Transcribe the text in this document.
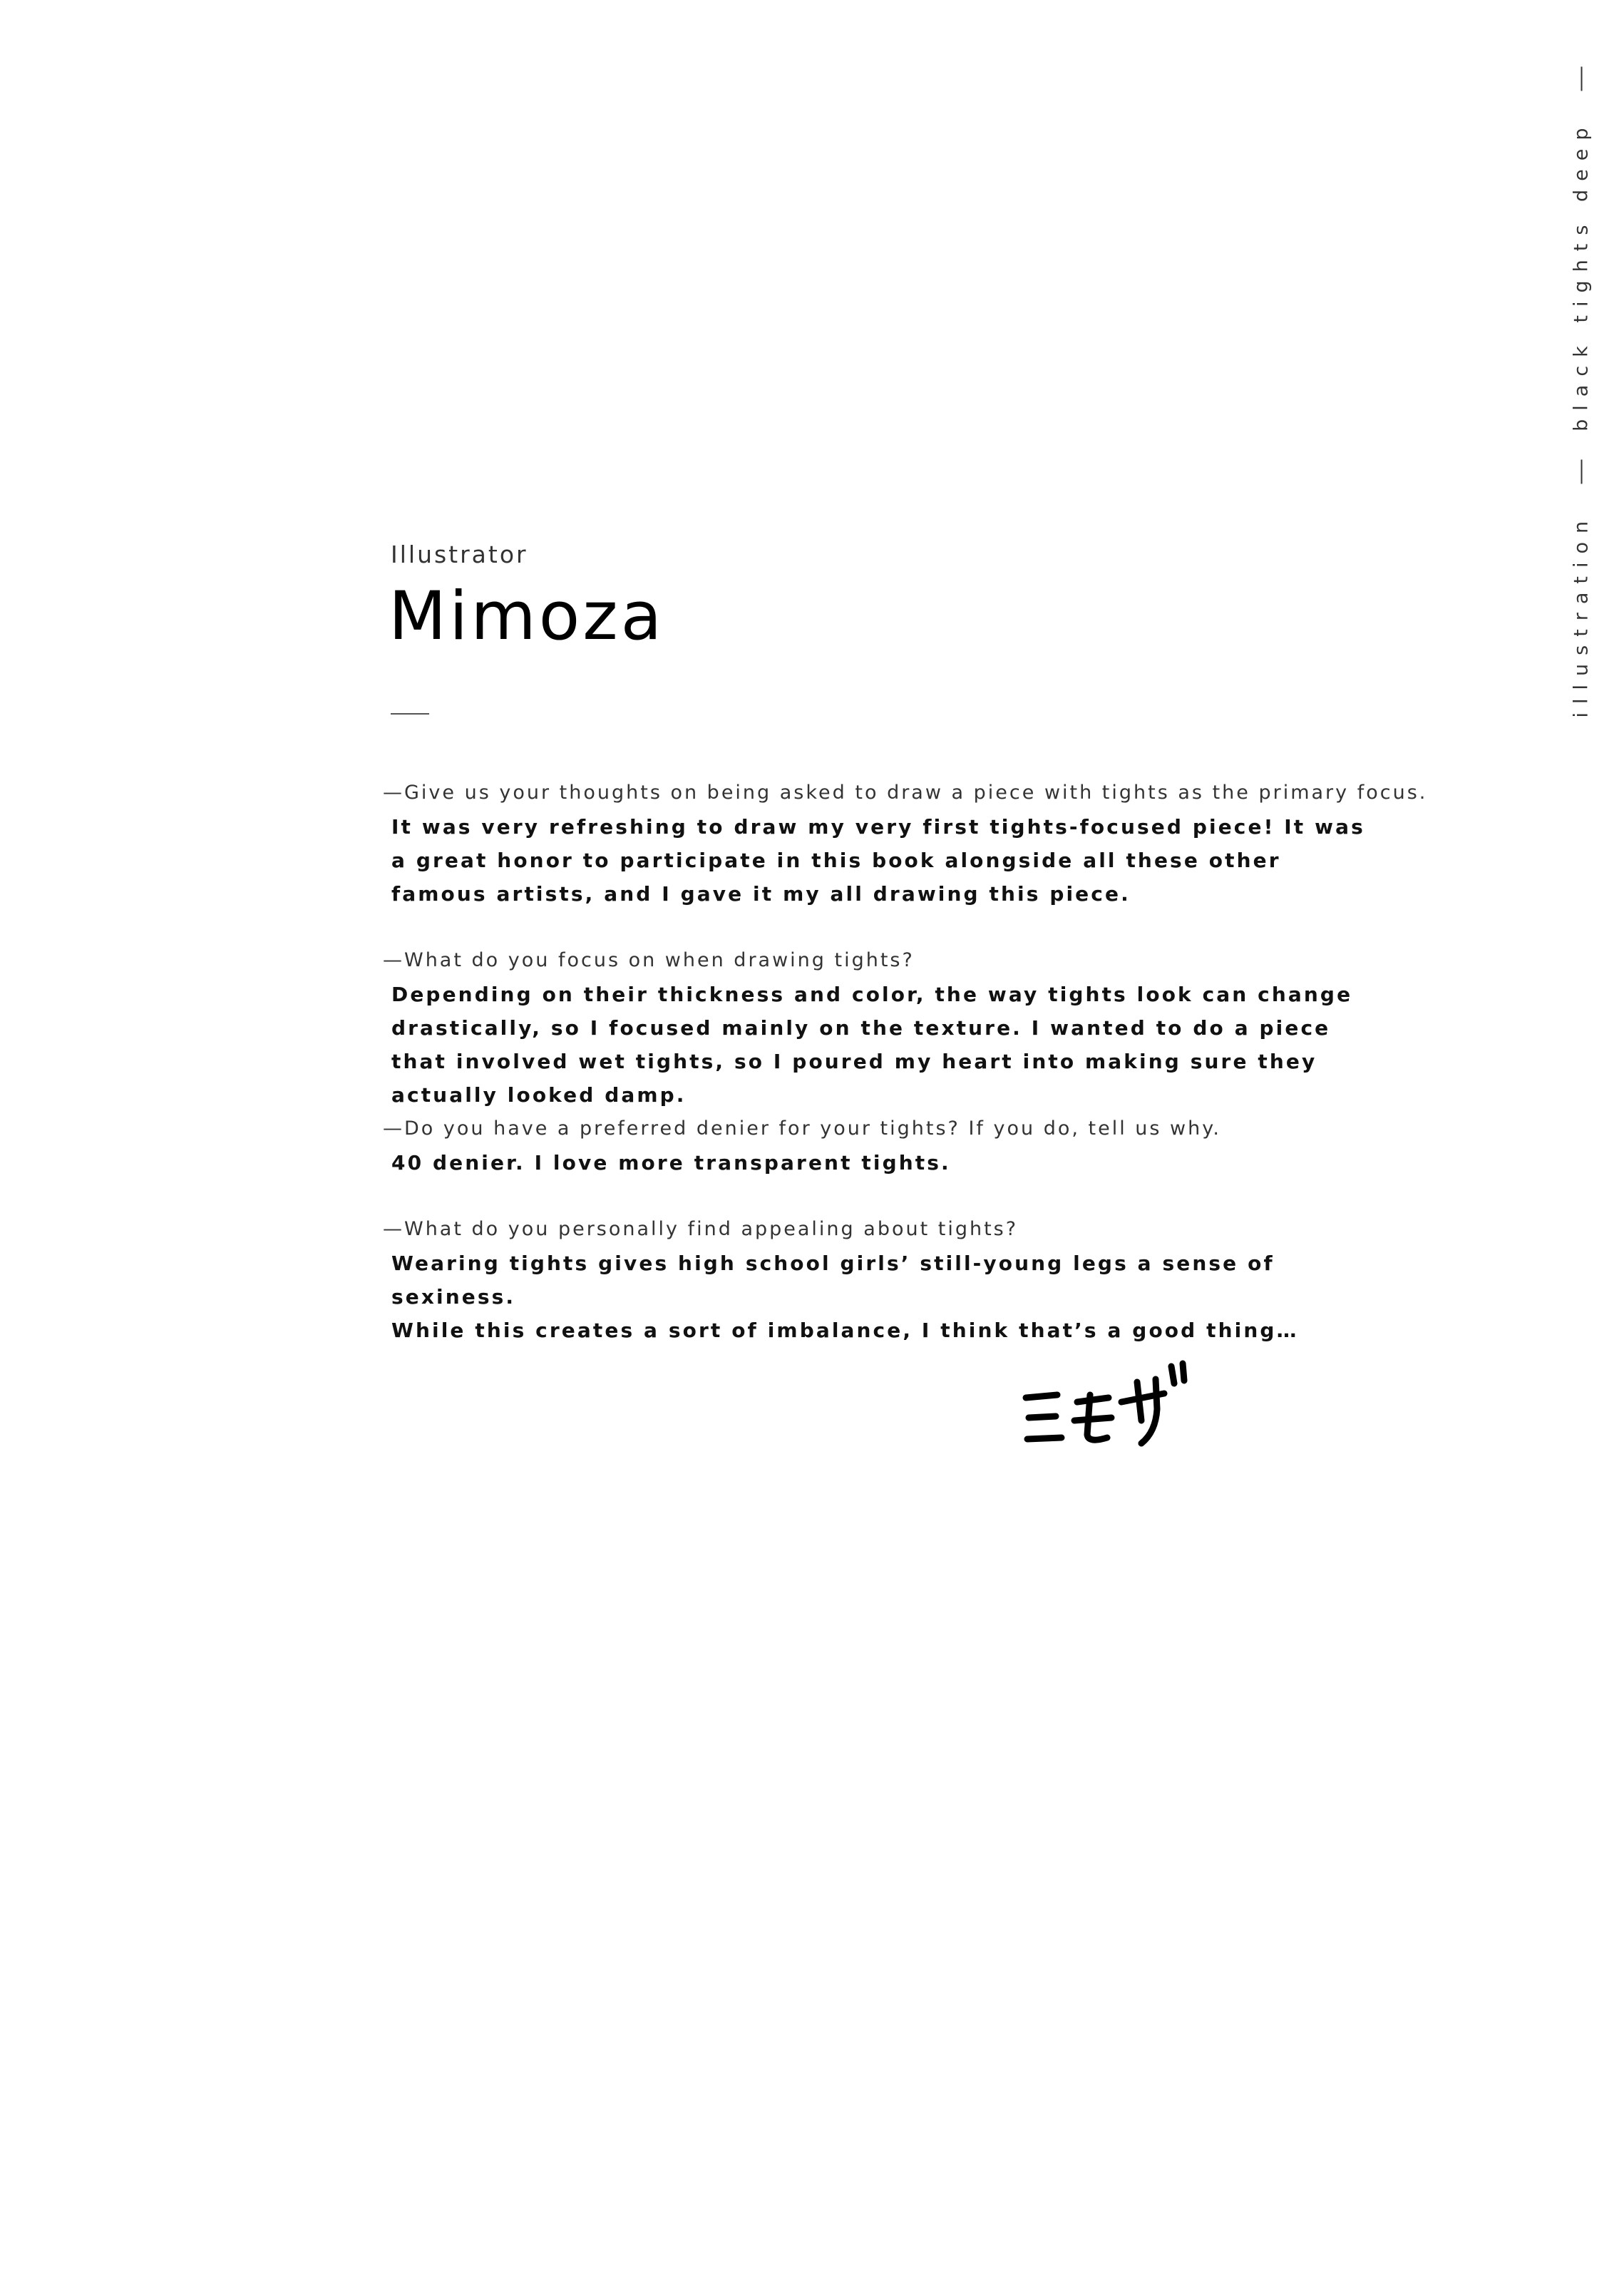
illustration
black tights deep
Illustrator
Mimoza
—Give us your thoughts on being asked to draw a piece with tights as the primary focus.
It was very refreshing to draw my very first tights-focused piece! It was a great honor to participate in this book alongside all these other famous artists, and I gave it my all drawing this piece.
—What do you focus on when drawing tights?
Depending on their thickness and color, the way tights look can change drastically, so I focused mainly on the texture. I wanted to do a piece that involved wet tights, so I poured my heart into making sure they actually looked damp.
—Do you have a preferred denier for your tights? If you do, tell us why.
40 denier. I love more transparent tights.
—What do you personally find appealing about tights?
Wearing tights gives high school girls’ still-young legs a sense of sexiness.
While this creates a sort of imbalance, I think that’s a good thing…
